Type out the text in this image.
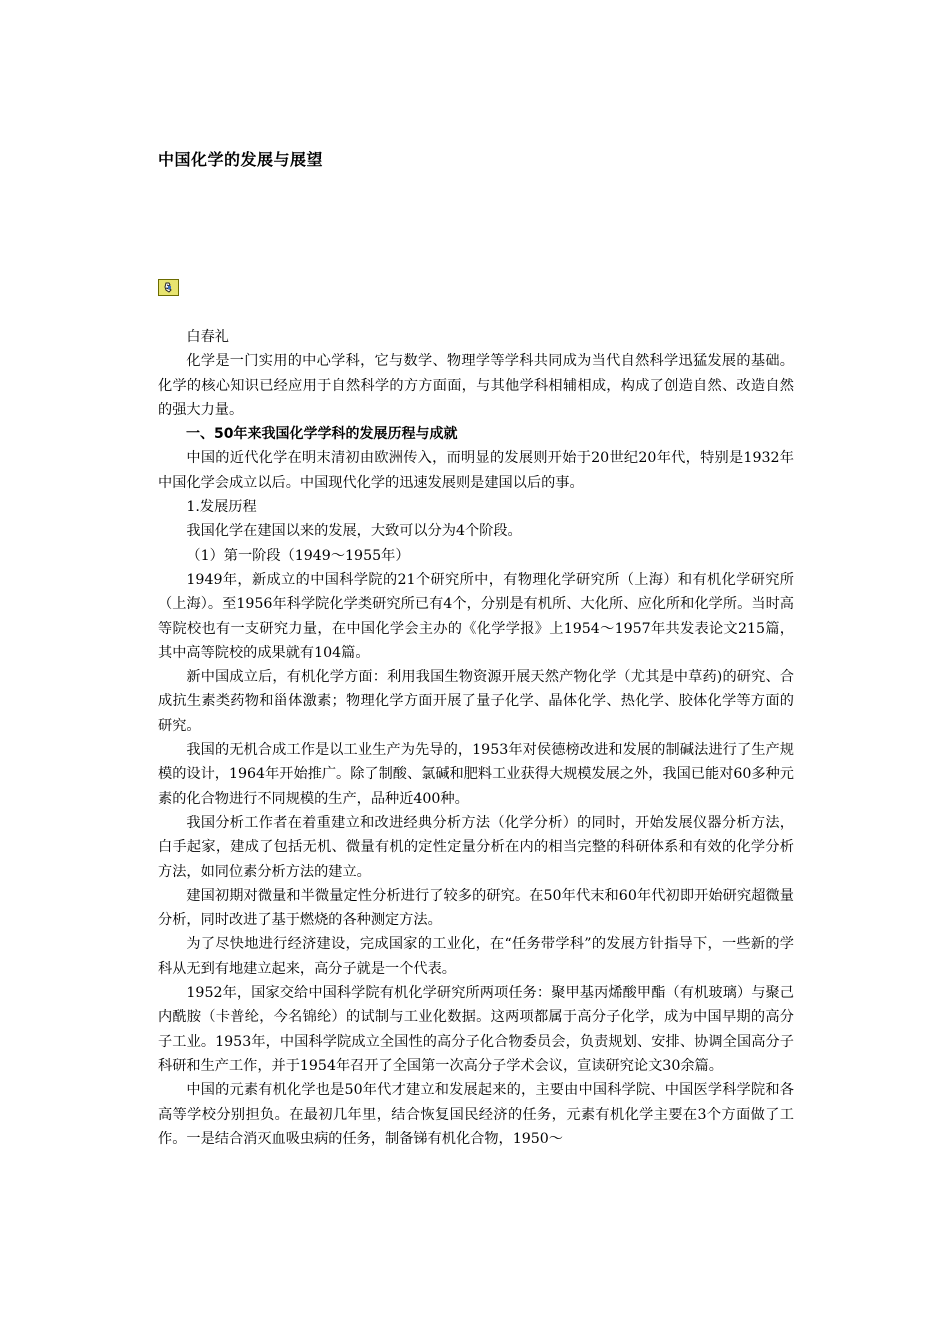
中国化学的发展与展望

白春礼

化学是一门实用的中心学科，它与数学、物理学等学科共同成为当代自然科学迅猛发展的基础。化学的核心知识已经应用于自然科学的方方面面，与其他学科相辅相成，构成了创造自然、改造自然的强大力量。

一、50年来我国化学学科的发展历程与成就

中国的近代化学在明末清初由欧洲传入，而明显的发展则开始于20世纪20年代，特别是1932年中国化学会成立以后。中国现代化学的迅速发展则是建国以后的事。

1.发展历程

我国化学在建国以来的发展，大致可以分为4个阶段。

（1）第一阶段（1949～1955年）

1949年，新成立的中国科学院的21个研究所中，有物理化学研究所（上海）和有机化学研究所（上海）。至1956年科学院化学类研究所已有4个，分别是有机所、大化所、应化所和化学所。当时高等院校也有一支研究力量，在中国化学会主办的《化学学报》上1954～1957年共发表论文215篇，其中高等院校的成果就有104篇。

新中国成立后，有机化学方面：利用我国生物资源开展天然产物化学（尤其是中草药)的研究、合成抗生素类药物和甾体激素；物理化学方面开展了量子化学、晶体化学、热化学、胶体化学等方面的研究。

我国的无机合成工作是以工业生产为先导的，1953年对侯德榜改进和发展的制碱法进行了生产规模的设计，1964年开始推广。除了制酸、氯碱和肥料工业获得大规模发展之外，我国已能对60多种元素的化合物进行不同规模的生产，品种近400种。

我国分析工作者在着重建立和改进经典分析方法（化学分析）的同时，开始发展仪器分析方法，白手起家，建成了包括无机、微量有机的定性定量分析在内的相当完整的科研体系和有效的化学分析方法，如同位素分析方法的建立。

建国初期对微量和半微量定性分析进行了较多的研究。在50年代末和60年代初即开始研究超微量分析，同时改进了基于燃烧的各种测定方法。

为了尽快地进行经济建设，完成国家的工业化，在“任务带学科”的发展方针指导下，一些新的学科从无到有地建立起来，高分子就是一个代表。

1952年，国家交给中国科学院有机化学研究所两项任务：聚甲基丙烯酸甲酯（有机玻璃）与聚己内酰胺（卡普纶，今名锦纶）的试制与工业化数据。这两项都属于高分子化学，成为中国早期的高分子工业。1953年，中国科学院成立全国性的高分子化合物委员会，负责规划、安排、协调全国高分子科研和生产工作，并于1954年召开了全国第一次高分子学术会议，宣读研究论文30余篇。

中国的元素有机化学也是50年代才建立和发展起来的，主要由中国科学院、中国医学科学院和各高等学校分别担负。在最初几年里，结合恢复国民经济的任务，元素有机化学主要在3个方面做了工作。一是结合消灭血吸虫病的任务，制备锑有机化合物，1950～
